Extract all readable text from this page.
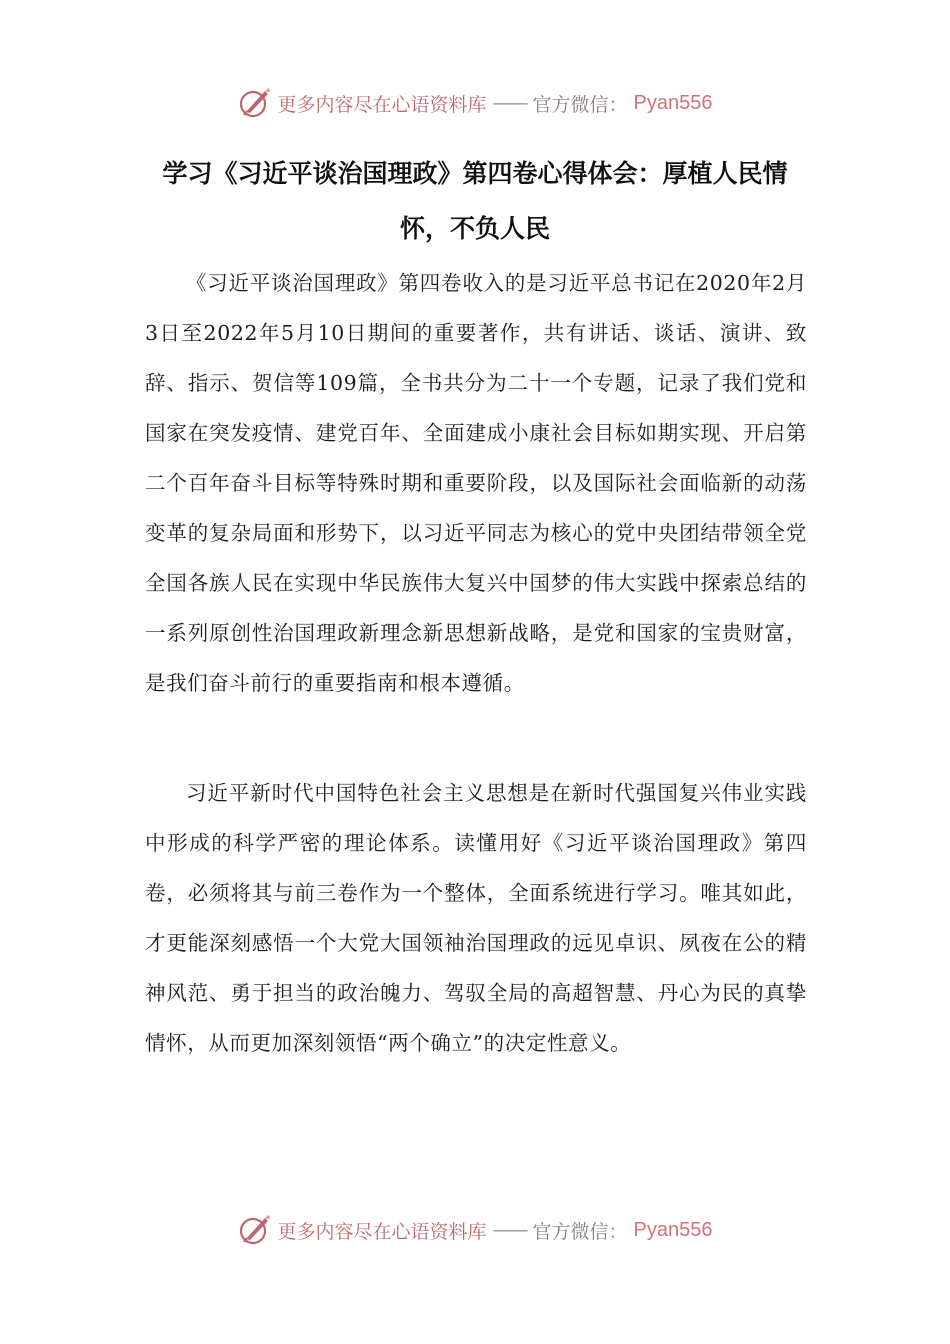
更多内容尽在心语资料库 —— 官方微信： Pyan556
学习《习近平谈治国理政》第四卷心得体会：厚植人民情怀，不负人民

《习近平谈治国理政》第四卷收入的是习近平总书记在2020年2月3日至2022年5月10日期间的重要著作，共有讲话、谈话、演讲、致辞、指示、贺信等109篇，全书共分为二十一个专题，记录了我们党和国家在突发疫情、建党百年、全面建成小康社会目标如期实现、开启第二个百年奋斗目标等特殊时期和重要阶段，以及国际社会面临新的动荡变革的复杂局面和形势下，以习近平同志为核心的党中央团结带领全党全国各族人民在实现中华民族伟大复兴中国梦的伟大实践中探索总结的一系列原创性治国理政新理念新思想新战略，是党和国家的宝贵财富，是我们奋斗前行的重要指南和根本遵循。

习近平新时代中国特色社会主义思想是在新时代强国复兴伟业实践中形成的科学严密的理论体系。读懂用好《习近平谈治国理政》第四卷，必须将其与前三卷作为一个整体，全面系统进行学习。唯其如此，才更能深刻感悟一个大党大国领袖治国理政的远见卓识、夙夜在公的精神风范、勇于担当的政治魄力、驾驭全局的高超智慧、丹心为民的真挚情怀，从而更加深刻领悟“两个确立”的决定性意义。

更多内容尽在心语资料库 —— 官方微信： Pyan556
